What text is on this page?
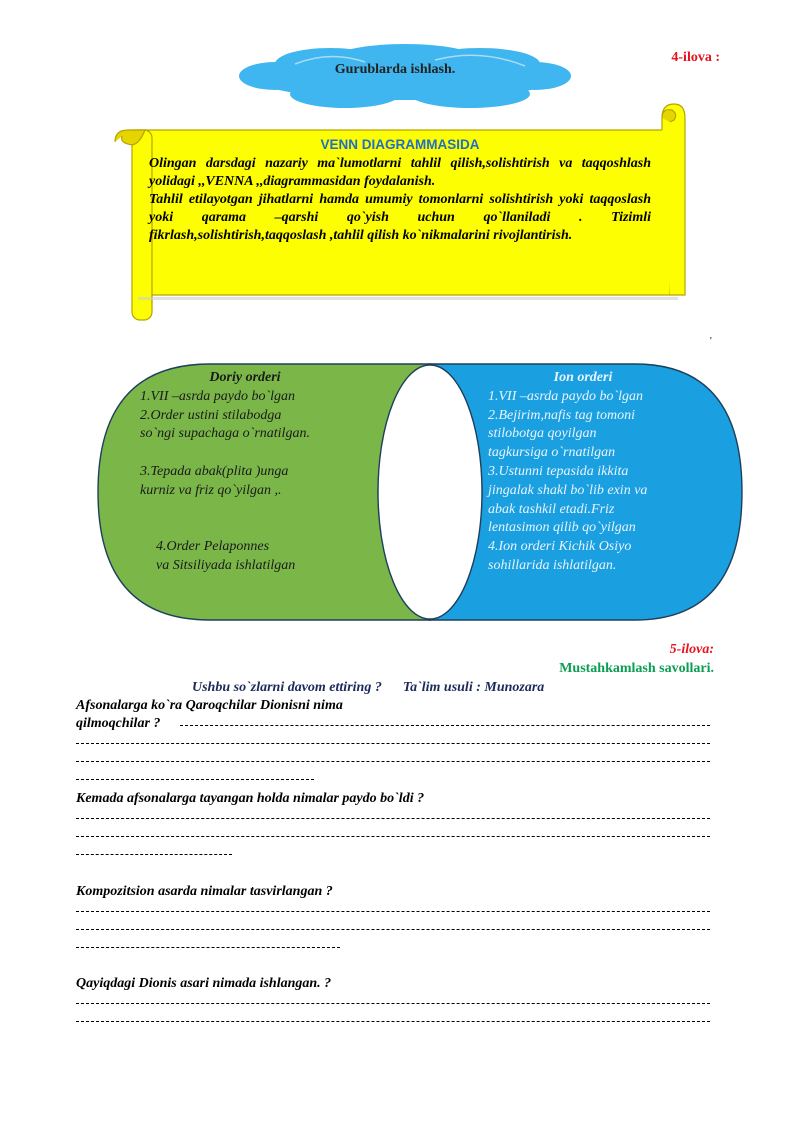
4-ilova :
Gurublarda ishlash.
VENN DIAGRAMMASIDA

Olingan darsdagi nazariy ma`lumotlarni tahlil qilish,solishtirish va taqqoshlash yolidagi ,,VENNA ,,diagrammasidan foydalanish.

Tahlil etilayotgan jihatlarni hamda umumiy tomonlarni solishtirish yoki taqqoslash yoki qarama –qarshi qo`yish uchun qo`llaniladi . Tizimli fikrlash,solishtirish,taqqoslash ,tahlil qilish ko`nikmalarini rivojlantirish.

'
Doriy orderi
1.VII –asrda paydo bo`lgan
2.Order ustini stilabodga
so`ngi supachaga o`rnatilgan.
3.Tepada abak(plita )unga
kurniz va friz qo`yilgan ,.
4.Order Pelaponnes
va Sitsiliyada ishlatilgan
Ion orderi
1.VII –asrda paydo bo`lgan
2.Bejirim,nafis tag tomoni
stilobotga qoyilgan
tagkursiga o`rnatilgan
3.Ustunni tepasida ikkita
jingalak shakl bo`lib exin va
abak tashkil etadi.Friz
lentasimon qilib qo`yilgan
4.Ion orderi Kichik Osiyo
sohillarida ishlatilgan.
5-ilova:
Mustahkamlash savollari.
Ushbu so`zlarni davom ettiring ?      Ta`lim usuli : Munozara
Afsonalarga ko`ra Qaroqchilar Dionisni nima
qilmoqchilar ?
Kemada afsonalarga tayangan holda nimalar paydo bo`ldi ?
Kompozitsion asarda nimalar tasvirlangan ?
Qayiqdagi Dionis asari nimada ishlangan. ?
